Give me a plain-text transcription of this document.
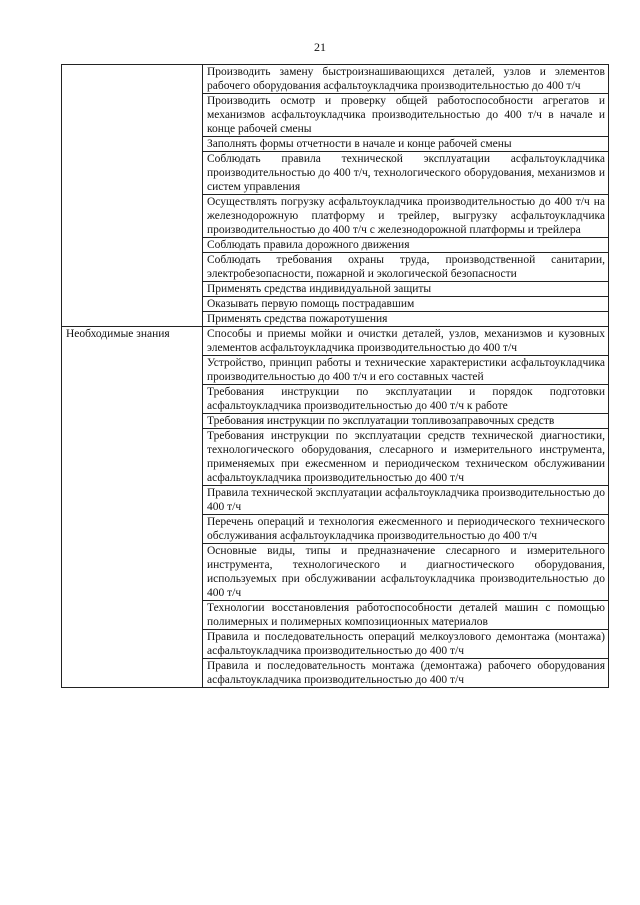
21
	Производить замену быстроизнашивающихся деталей, узлов и элементов рабочего оборудования асфальтоукладчика производительностью до 400 т/ч
	Производить осмотр и проверку общей работоспособности агрегатов и механизмов асфальтоукладчика производительностью до 400 т/ч в начале и конце рабочей смены
	Заполнять формы отчетности в начале и конце рабочей смены
	Соблюдать правила технической эксплуатации асфальтоукладчика производительностью до 400 т/ч, технологического оборудования, механизмов и систем управления
	Осуществлять погрузку асфальтоукладчика производительностью до 400 т/ч на железнодорожную платформу и трейлер, выгрузку асфальтоукладчика производительностью до 400 т/ч с железнодорожной платформы и трейлера
	Соблюдать правила дорожного движения
	Соблюдать требования охраны труда, производственной санитарии, электробезопасности, пожарной и экологической безопасности
	Применять средства индивидуальной защиты
	Оказывать первую помощь пострадавшим
	Применять средства пожаротушения
Необходимые знания	Способы и приемы мойки и очистки деталей, узлов, механизмов и кузовных элементов асфальтоукладчика производительностью до 400 т/ч
	Устройство, принцип работы и технические характеристики асфальтоукладчика производительностью до 400 т/ч и его составных частей
	Требования инструкции по эксплуатации и порядок подготовки асфальтоукладчика производительностью до 400 т/ч к работе
	Требования инструкции по эксплуатации топливозаправочных средств
	Требования инструкции по эксплуатации средств технической диагностики, технологического оборудования, слесарного и измерительного инструмента, применяемых при ежесменном и периодическом техническом обслуживании асфальтоукладчика производительностью до 400 т/ч
	Правила технической эксплуатации асфальтоукладчика производительностью до 400 т/ч
	Перечень операций и технология ежесменного и периодического технического обслуживания асфальтоукладчика производительностью до 400 т/ч
	Основные виды, типы и предназначение слесарного и измерительного инструмента, технологического и диагностического оборудования, используемых при обслуживании асфальтоукладчика производительностью до 400 т/ч
	Технологии восстановления работоспособности деталей машин с помощью полимерных и полимерных композиционных материалов
	Правила и последовательность операций мелкоузлового демонтажа (монтажа) асфальтоукладчика производительностью до 400 т/ч
	Правила и последовательность монтажа (демонтажа) рабочего оборудования асфальтоукладчика производительностью до 400 т/ч
